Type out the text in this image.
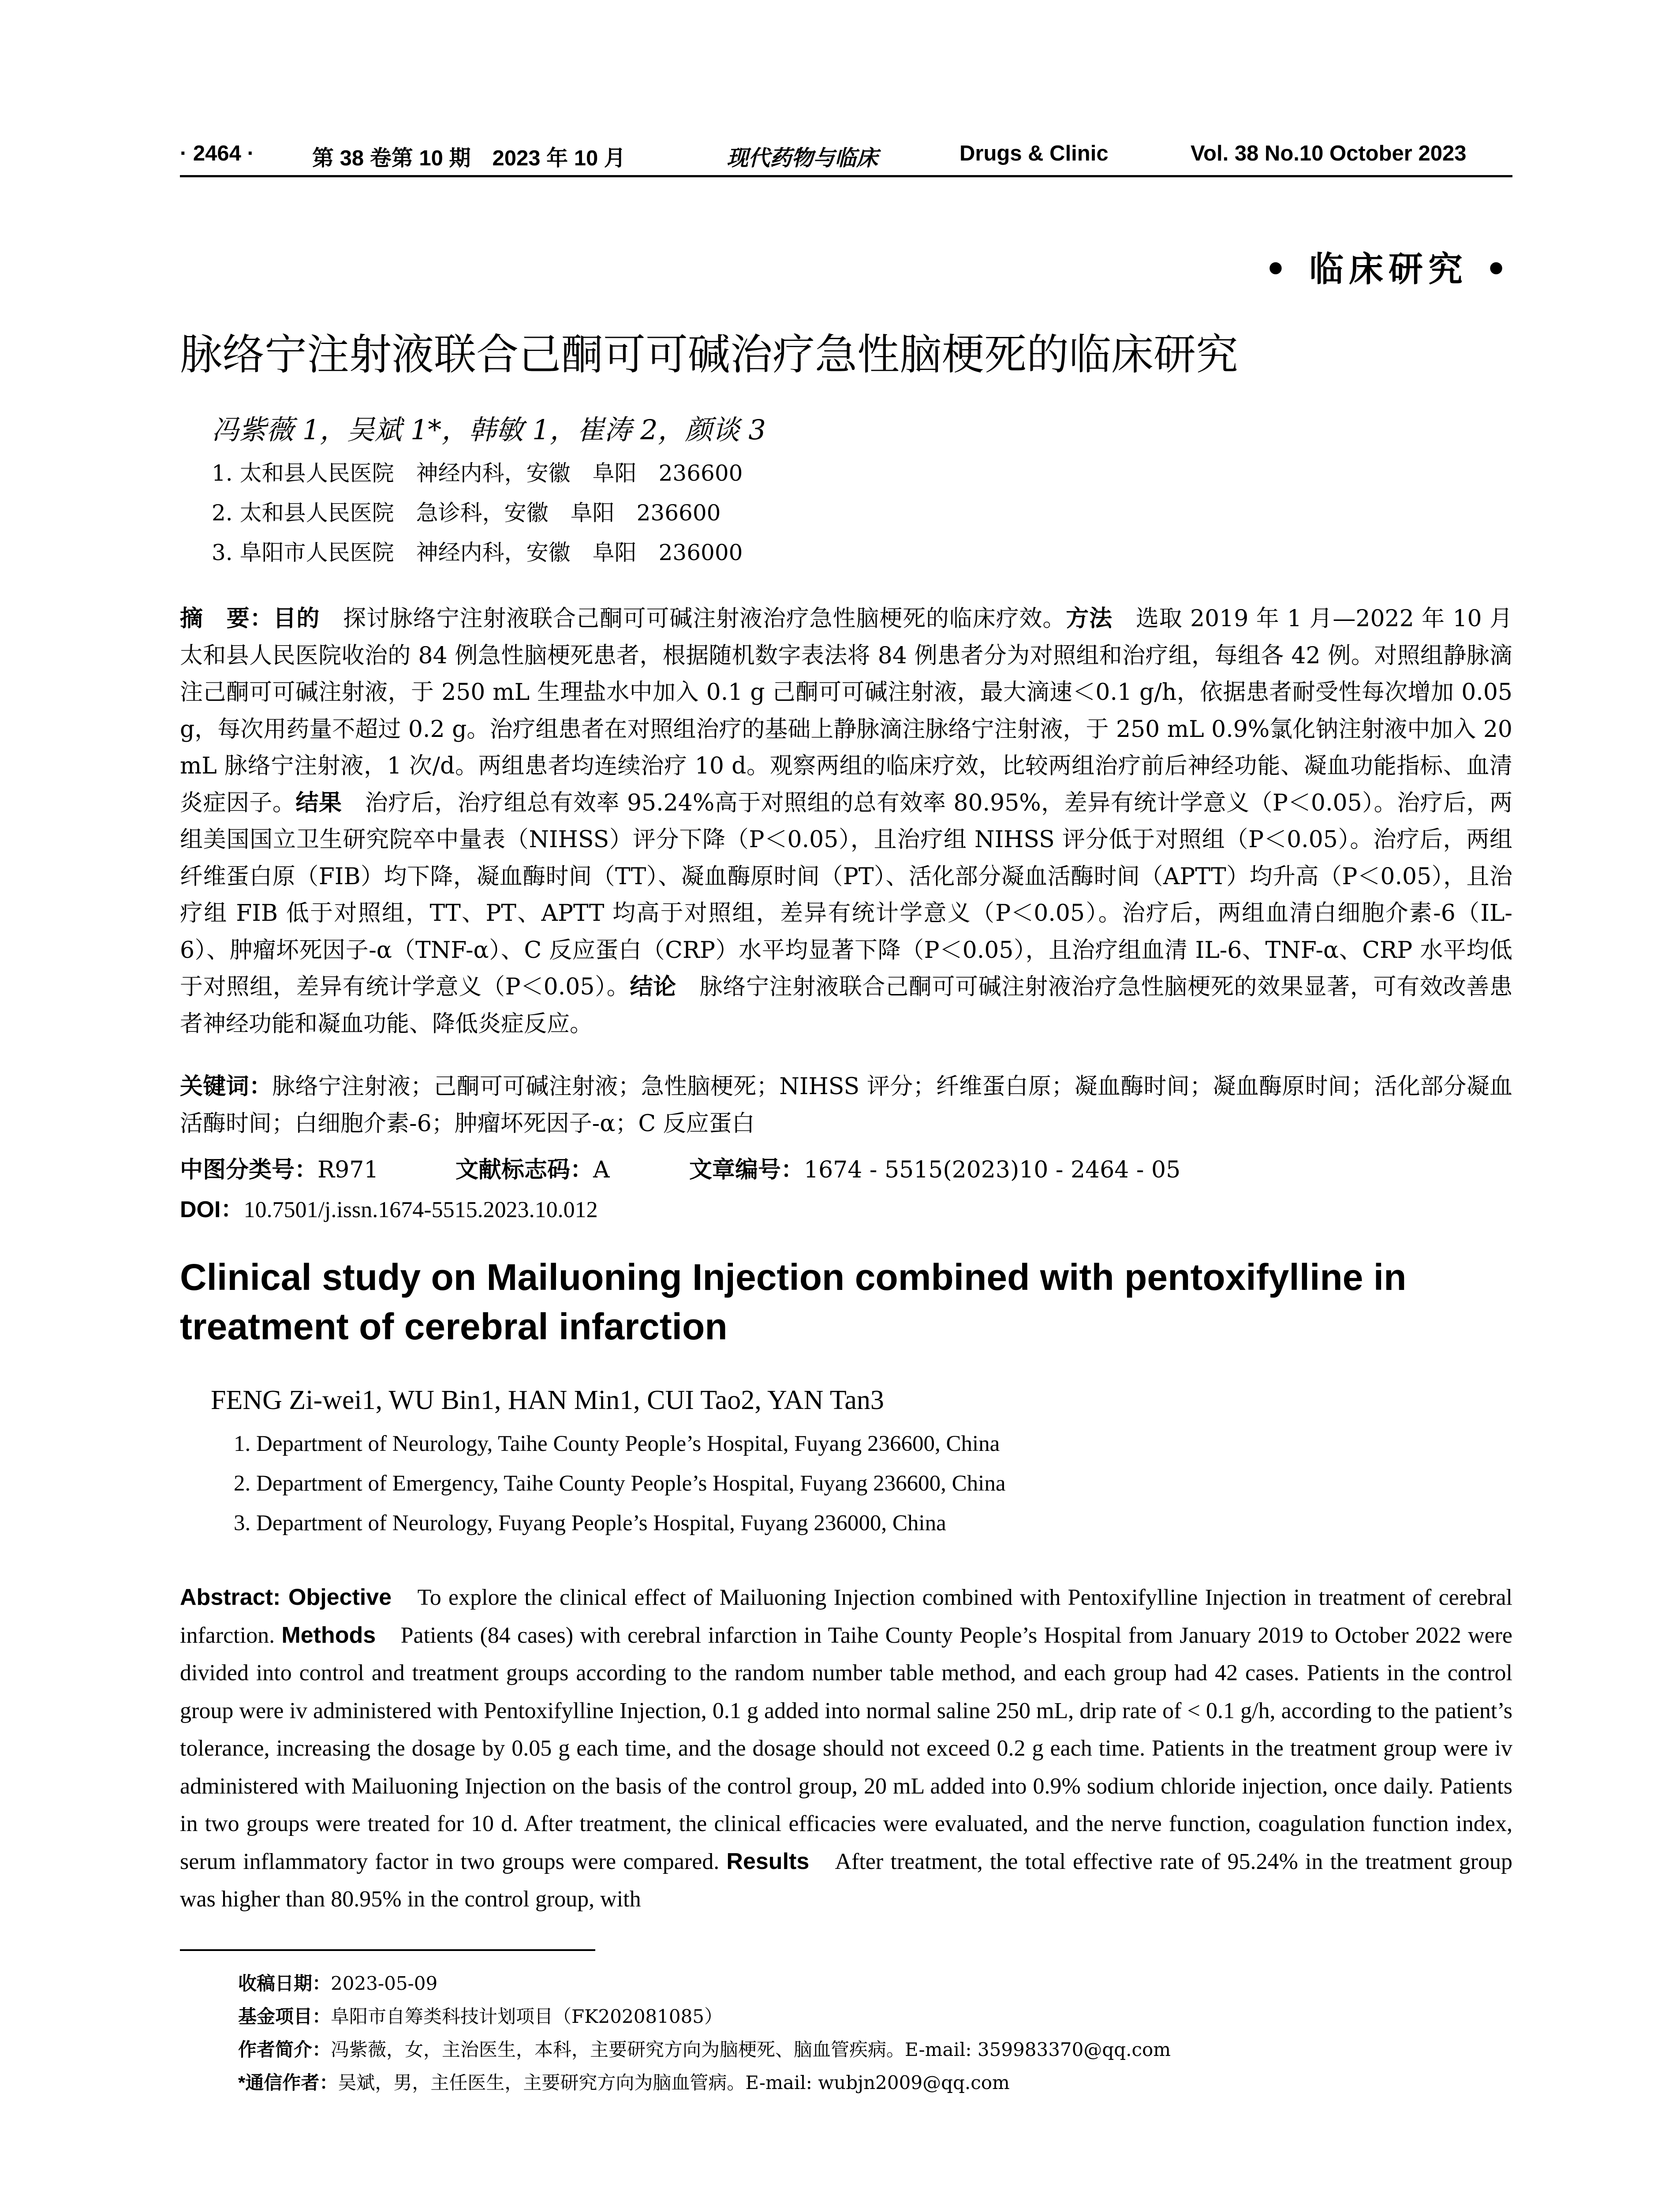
· 2464 ·	第 38 卷第 10 期　2023 年 10 月	现代药物与临床	Drugs & Clinic	Vol. 38 No.10 October 2023
• 临床研究 •
脉络宁注射液联合己酮可可碱治疗急性脑梗死的临床研究
冯紫薇 1，吴斌 1*，韩敏 1，崔涛 2，颜谈 3
1. 太和县人民医院　神经内科，安徽　阜阳　236600
2. 太和县人民医院　急诊科，安徽　阜阳　236600
3. 阜阳市人民医院　神经内科，安徽　阜阳　236000

摘　要：目的　探讨脉络宁注射液联合己酮可可碱注射液治疗急性脑梗死的临床疗效。方法　选取 2019 年 1 月—2022 年 10 月太和县人民医院收治的 84 例急性脑梗死患者，根据随机数字表法将 84 例患者分为对照组和治疗组，每组各 42 例。对照组静脉滴注己酮可可碱注射液，于 250 mL 生理盐水中加入 0.1 g 己酮可可碱注射液，最大滴速＜0.1 g/h，依据患者耐受性每次增加 0.05 g，每次用药量不超过 0.2 g。治疗组患者在对照组治疗的基础上静脉滴注脉络宁注射液，于 250 mL 0.9%氯化钠注射液中加入 20 mL 脉络宁注射液，1 次/d。两组患者均连续治疗 10 d。观察两组的临床疗效，比较两组治疗前后神经功能、凝血功能指标、血清炎症因子。结果　治疗后，治疗组总有效率 95.24%高于对照组的总有效率 80.95%，差异有统计学意义（P＜0.05）。治疗后，两组美国国立卫生研究院卒中量表（NIHSS）评分下降（P＜0.05），且治疗组 NIHSS 评分低于对照组（P＜0.05）。治疗后，两组纤维蛋白原（FIB）均下降，凝血酶时间（TT）、凝血酶原时间（PT）、活化部分凝血活酶时间（APTT）均升高（P＜0.05），且治疗组 FIB 低于对照组，TT、PT、APTT 均高于对照组，差异有统计学意义（P＜0.05）。治疗后，两组血清白细胞介素-6（IL-6）、肿瘤坏死因子-α（TNF-α）、C 反应蛋白（CRP）水平均显著下降（P＜0.05），且治疗组血清 IL-6、TNF-α、CRP 水平均低于对照组，差异有统计学意义（P＜0.05）。结论　脉络宁注射液联合己酮可可碱注射液治疗急性脑梗死的效果显著，可有效改善患者神经功能和凝血功能、降低炎症反应。

关键词：脉络宁注射液；己酮可可碱注射液；急性脑梗死；NIHSS 评分；纤维蛋白原；凝血酶时间；凝血酶原时间；活化部分凝血活酶时间；白细胞介素-6；肿瘤坏死因子-α；C 反应蛋白

中图分类号：R971	文献标志码：A	文章编号：1674 - 5515(2023)10 - 2464 - 05
DOI：10.7501/j.issn.1674-5515.2023.10.012
Clinical study on Mailuoning Injection combined with pentoxifylline in treatment of cerebral infarction
FENG Zi-wei1, WU Bin1, HAN Min1, CUI Tao2, YAN Tan3
1. Department of Neurology, Taihe County People’s Hospital, Fuyang 236600, China
2. Department of Emergency, Taihe County People’s Hospital, Fuyang 236600, China
3. Department of Neurology, Fuyang People’s Hospital, Fuyang 236000, China

Abstract: Objective　To explore the clinical effect of Mailuoning Injection combined with Pentoxifylline Injection in treatment of cerebral infarction. Methods　Patients (84 cases) with cerebral infarction in Taihe County People’s Hospital from January 2019 to October 2022 were divided into control and treatment groups according to the random number table method, and each group had 42 cases. Patients in the control group were iv administered with Pentoxifylline Injection, 0.1 g added into normal saline 250 mL, drip rate of < 0.1 g/h, according to the patient’s tolerance, increasing the dosage by 0.05 g each time, and the dosage should not exceed 0.2 g each time. Patients in the treatment group were iv administered with Mailuoning Injection on the basis of the control group, 20 mL added into 0.9% sodium chloride injection, once daily. Patients in two groups were treated for 10 d. After treatment, the clinical efficacies were evaluated, and the nerve function, coagulation function index, serum inflammatory factor in two groups were compared. Results　After treatment, the total effective rate of 95.24% in the treatment group was higher than 80.95% in the control group, with

收稿日期：2023-05-09
基金项目：阜阳市自筹类科技计划项目（FK202081085）
作者简介：冯紫薇，女，主治医生，本科，主要研究方向为脑梗死、脑血管疾病。E-mail: 359983370@qq.com
*通信作者：吴斌，男，主任医生，主要研究方向为脑血管病。E-mail: wubjn2009@qq.com
